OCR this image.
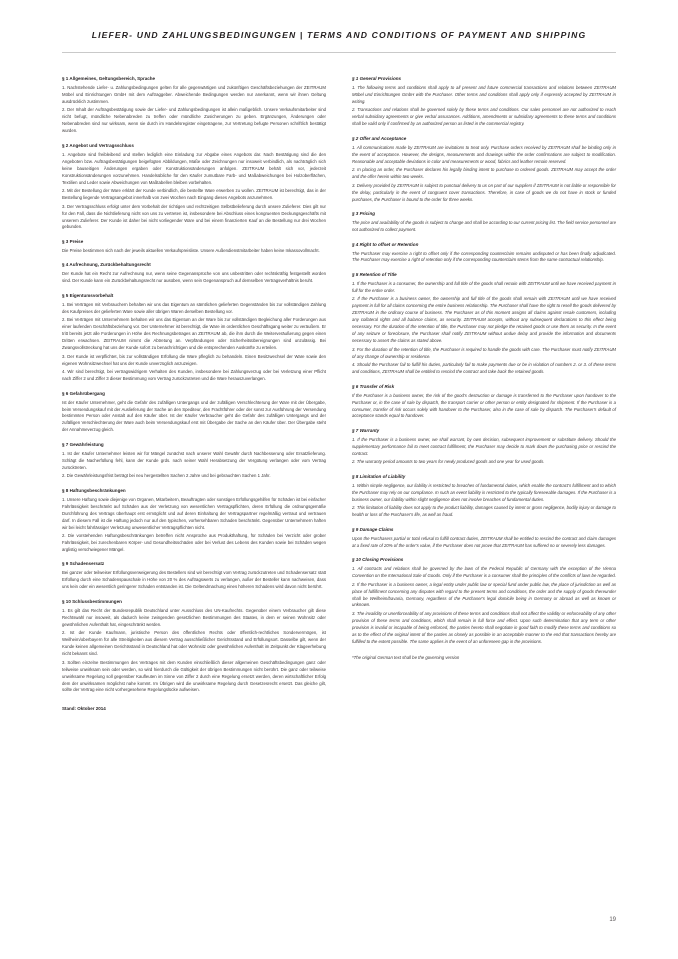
LIEFER- UND ZAHLUNGSBEDINGUNGEN | TERMS AND CONDITIONS OF PAYMENT AND SHIPPING
§ 1 Allgemeines, Geltungsbereich, Sprache

1. Nachstehende Liefer- u. Zahlungsbedingungen gelten für alle gegenwärtigen und zukünftigen Geschäftsbeziehungen der ZEITRAUM Möbel und Einrichtungen GmbH mit dem Auftraggeber. Abweichende Bedingungen werden nur anerkannt, wenn wir ihnen Geltung ausdrücklich zustimmen.

2. Der Inhalt der Auftragsbestätigung sowie der Liefer- und Zahlungsbedingungen ist allein maßgeblich. Unsere Verkaufsmitarbeiter sind nicht befugt, mündliche Nebenabreden zu treffen oder mündliche Zusicherungen zu geben. Ergänzungen, Änderungen oder Nebenabreden sind nur wirksam, wenn sie durch im Handelsregister eingetragene, zur Vertretung befugte Personen schriftlich bestätigt wurden.

§ 2 Angebot und Vertragsschluss

1. Angebote sind freibleibend und stellen lediglich eine Einladung zur Abgabe eines Angebots dar. Nach Bestätigung sind die den Angeboten bzw. Auftragsbestätigungen beigefügten Abbildungen, Maße oder Zeichnungen nur insoweit verbindlich, als nachträglich sich keine bauseitigen Änderungen ergaben oder Konstruktionsänderungen anfolgen. ZEITRAUM behält sich vor, jederzeit Konstruktionsänderungen vorzunehmen. Handelsübliche für den Käufer zumutbare Farb- und Maßabweichungen bei Holzoberflächen, Textilien und Leder sowie Abweichungen von Maßtabellen bleiben vorbehalten.

2. Mit der Bestellung der Ware erklärt der Kunde verbindlich, die bestellte Ware erwerben zu wollen. ZEITRAUM ist berechtigt, das in der Bestellung liegende Vertragsangebot innerhalb von zwei Wochen nach Eingang dieses Angebots anzunehmen.

3. Der Vertragsschluss erfolgt unter dem Vorbehalt der richtigen und rechtzeitigen Selbstbelieferung durch unsere Zulieferer. Dies gilt nur für den Fall, dass die Nichtlieferung nicht von uns zu vertreten ist, insbesondere bei Abschluss eines kongruenten Deckungsgeschäfts mit unserem Zulieferer. Der Kunde ist daher bei nicht vorliegender Ware und bei einem finanzierten Kauf an die Bestellung nur drei Wochen gebunden.

§ 3 Preise

Die Preise bestimmen sich nach der jeweils aktuellen Verkaufspreisliste. Unsere Außendienstmitarbeiter haben keine Inkassovollmacht.

§ 4 Aufrechnung, Zurückbehaltungsrecht

Der Kunde hat ein Recht zur Aufrechnung nur, wenn seine Gegenansprüche von uns unbestritten oder rechtskräftig festgestellt worden sind. Der Kunde kann ein Zurückbehaltungsrecht nur ausüben, wenn sein Gegenanspruch auf demselben Vertragsverhältnis beruht.

§ 5 Eigentumsvorbehalt

1. Bei Verträgen mit Verbrauchern behalten wir uns das Eigentum an sämtlichen gelieferten Gegenständen bis zur vollständigen Zahlung des Kaufpreises der gelieferten Ware sowie aller übrigen Waren derselben Bestellung vor.

2. Bei Verträgen mit Unternehmern behalten wir uns das Eigentum an der Ware bis zur vollständigen Begleichung aller Forderungen aus einer laufenden Geschäftsbeziehung vor. Der Unternehmer ist berechtigt, die Ware im ordentlichen Geschäftsgang weiter zu veräußern. Er tritt bereits jetzt alle Forderungen in Höhe des Rechnungsbetrages an ZEITRAUM ab, die ihm durch die Weiterveräußerung gegen einen Dritten erwachsen. ZEITRAUM nimmt die Abtretung an. Verpfändungen oder Sicherheitsübereignungen sind unzulässig. Bei Zwangsvollstreckung hat uns der Kunde sofort zu benachrichtigen und die entsprechenden Auskünfte zu erteilen.

3. Der Kunde ist verpflichtet, bis zur vollständigen Erfüllung die Ware pfleglich zu behandeln. Einen Besitzwechsel der Ware sowie den eigenen Wohnsitzwechsel hat uns der Kunde unverzüglich anzuzeigen.

4. Wir sind berechtigt, bei vertragswidrigem Verhalten des Kunden, insbesondere bei Zahlungsverzug oder bei Verletzung einer Pflicht nach Ziffer 2 und Ziffer 3 dieser Bestimmung vom Vertrag zurückzutreten und die Ware herauszuverlangen.

§ 6 Gefahrübergang

Ist der Käufer Unternehmer, geht die Gefahr des zufälligen Untergangs und der zufälligen Verschlechterung der Ware mit der Übergabe, beim Versendungskauf mit der Auslieferung der Sache an den Spediteur, den Frachtführer oder der sonst zur Ausführung der Versendung bestimmten Person oder Anstalt auf den Käufer über. Ist der Käufer Verbraucher geht die Gefahr des zufälligen Untergangs und der zufälligen Verschlechterung der Ware auch beim Versendungskauf erst mit Übergabe der Sache an den Käufer über. Der Übergabe steht der Annahmeverzug gleich.

§ 7 Gewährleistung

1. Ist der Käufer Unternehmer leisten wir für Mängel zunächst nach unserer Wahl Gewähr durch Nachbesserung oder Ersatzlieferung. Schlägt die Nacherfüllung fehl, kann der Kunde grds. nach seiner Wahl Herabsetzung der Vergütung verlangen oder vom Vertrag zurücktreten.

2. Die Gewährleistungsfrist beträgt bei neu hergestellten Sachen 2 Jahre und bei gebrauchten Sachen 1 Jahr.

§ 8 Haftungsbeschränkungen

1. Unsere Haftung sowie diejenige von Organen, Mitarbeitern, Beauftragten oder sonstigen Erfüllungsgehilfen für Schäden ist bei einfacher Fahrlässigkeit beschränkt auf Schäden aus der Verletzung von wesentlichen Vertragspflichten, deren Erfüllung die ordnungsgemäße Durchführung des Vertrags überhaupt erst ermöglicht und auf deren Einhaltung der Vertragspartner regelmäßig vertraut und vertrauen darf. In diesem Fall ist die Haftung jedoch nur auf den typischen, vorhersehbaren Schaden beschränkt. Gegenüber Unternehmern haften wir bei leicht fahrlässiger Verletzung unwesentlicher Vertragspflichten nicht.

2. Die vorstehenden Haftungsbeschränkungen betreffen nicht Ansprüche aus Produkthaftung, für Schäden bei Verzicht oder grober Fahrlässigkeit, bei zurechenbaren Körper- und Gesundheitsschäden oder bei Verlust des Lebens des Kunden sowie bei Schäden wegen arglistig verschwiegener Mängel.

§ 9 Schadensersatz

Bei ganzer oder teilweiser Erfüllungsverweigerung des Bestellers sind wir berechtigt vom Vertrag zurückzutreten und Schadensersatz statt Erfüllung durch eine Schadenspauschale in Höhe von 20 % des Auftragswerts zu verlangen, außer der Besteller kann nachweisen, dass uns kein oder ein wesentlich geringerer Schaden entstanden ist. Die Geltendmachung eines höheren Schadens wird davon nicht berührt.

§ 10 Schlussbestimmungen

1. Es gilt das Recht der Bundesrepublik Deutschland unter Ausschluss des UN-Kaufrechts. Gegenüber einem Verbraucher gilt diese Rechtswahl nur insoweit, als dadurch keine zwingenden gesetzlichen Bestimmungen des Staates, in dem er seinen Wohnsitz oder gewöhnlichen Aufenthalt hat, eingeschränkt werden.

2. Ist der Kunde Kaufmann, juristische Person des öffentlichen Rechts oder öffentlich-rechtliches Sondervermögen, ist Weilheim/oberbayern für alle Streitigkeiten aus diesem Vertrag ausschließlicher Gerichtsstand und Erfüllungsort. Dasselbe gilt, wenn der Kunde keinen allgemeinen Gerichtsstand in Deutschland hat oder Wohnsitz oder gewöhnlichen Aufenthalt im Zeitpunkt der Klageerhebung nicht bekannt sind.

3. Sollten einzelne Bestimmungen des Vertrages mit dem Kunden einschließlich dieser allgemeinen Geschäftsbedingungen ganz oder teilweise unwirksam sein oder werden, so wird hierdurch die Gültigkeit der übrigen Bestimmungen nicht berührt. Die ganz oder teilweise unwirksame Regelung soll gegenüber Kaufleuten im Sinne von Ziffer 2 durch eine Regelung ersetzt werden, deren wirtschaftlicher Erfolg dem der unwirksamen möglichst nahe kommt. Im Übrigen wird die unwirksame Regelung durch Gesetzesrecht ersetzt. Das gleiche gilt, sollte der Vertrag eine nicht vorhergesehene Regelungslücke aufweisen.

Stand: Oktober 2014
§ 1 General Provisions

1. The following terms and conditions shall apply to all present and future commercial transactions and relations between ZEITRAUM Möbel und Einrichtungen GmbH with the Purchaser. Other terms and conditions shall apply only if expressly accepted by ZEITRAUM in writing.

2. Transactions and relations shall be governed solely by these terms and conditions. Our sales personnel are not authorized to reach verbal subsidiary agreements or give verbal assurances. Additions, amendments or subsidiary agreements to these terms and conditions shall be valid only if confirmed by an authorized person as listed in the commercial registry.

§ 2 Offer and Acceptance

1. All communications made by ZEITRAUM are invitations to treat only. Purchase orders received by ZEITRAUM shall be binding only in the event of acceptance. However, the designs, measurements and drawings within the order confirmations are subject to modification. Reasonable and acceptable deviations in color and measurements or wood, fabrics and leather remain reserved.

2. In placing an order, the Purchaser declares his legally binding intent to purchase to ordered goods. ZEITRAUM may accept the order and the offer herein within two weeks.

3. Delivery provided by ZEITRAUM is subject to punctual delivery to us on part of our suppliers if ZEITRAUM is not liable or responsible for the delay, particularly in the event of congruent cover transactions. Therefore, in case of goods we do not have in stock or funded purchases, the Purchaser is bound to the order for three weeks.

§ 3 Pricing

The price and availability of the goods is subject to change and shall be according to our current pricing list. The field service personnel are not authorized to collect payment.

§ 4 Right to offset or Retention

The Purchaser may exercise a right to offset only if the corresponding counterclaim remains undisputed or has been finally adjudicated. The Purchaser may exercise a right of retention only if the corresponding counterclaim stems from the same contractual relationship.

§ 5 Retention of Title

1. If the Purchaser is a consumer, the ownership and full title of the goods shall remain with ZEITRAUM until we have received payment in full for the entire order.

2. If the Purchaser is a business owner, the ownership and full title of the goods shall remain with ZEITRAUM until we have received payment in full for all claims concerning the entire business relationship. The Purchaser shall have the right to resell the goods delivered by ZEITRAUM in the ordinary course of business. The Purchaser as of this moment assigns all claims against resale customers, including any collateral rights and all balance claims, as security. ZEITRAUM accepts, without any subsequent declarations to this effect being necessary. For the duration of the retention of title, the Purchaser may not pledge the retained goods or use them as security. In the event of any seizure or foreclosure, the Purchaser shall notify ZEITRAUM without undue delay and provide the information and documents necessary to assert the claims as stated above.

3. For the duration of the retention of title, the Purchaser is required to handle the goods with care. The Purchaser must notify ZEITRAUM of any change of ownership or residence.

4. Should the Purchaser fail to fulfill his duties, particularly fail to make payments due or be in violation of numbers 2. or 3. of these terms and conditions, ZEITRAUM shall be entitled to rescind the contract and take back the retained goods.

§ 6 Transfer of Risk

If the Purchaser is a business owner, the risk of the good's destruction or damage is transferred to the Purchaser upon handover to the Purchaser or, in the case of sale by dispatch, the transport carrier or other person or entity designated for shipment. If the Purchaser is a consumer, transfer of risk occurs solely with handover to the Purchaser, also in the case of sale by dispatch. The Purchaser's default of acceptance stands equal to handover.

§ 7 Warranty

1. If the Purchaser is a business owner, we shall warrant, by own decision, subsequent improvement or substitute delivery. Should the supplementary performance fail to meet contract fulfillment, the Purchaser may decide to mark down the purchasing price or rescind the contract.

2. The warranty period amounts to two years for newly produced goods and one year for used goods.

§ 8 Limitation of Liability

1. Within simple negligence, our liability is restricted to breaches of fundamental duties, which enable the contract's fulfillment and to which the Purchaser may rely on our compliance. In such an event liability is restricted to the typically foreseeable damages. If the Purchaser is a business owner, our liability within slight negligence does not involve breaches of fundamental duties.

2. This limitation of liability does not apply to the product liability, damages caused by intent or gross negligence, bodily injury or damage to health or loss of the Purchaser's life, as well as fraud.

§ 9 Damage Claims

Upon the Purchasers partial or total refusal to fulfill contract duties, ZEITRAUM shall be entitled to rescind the contract and claim damages at a fixed rate of 20% of the order's value, if the Purchaser does not prove that ZEITRAUM has suffered no or severely less damages.

§ 10 Closing Provisions

1. All contracts and relations shall be governed by the laws of the Federal Republic of Germany with the exception of the Vienna Convention on the International Sale of Goods. Only if the Purchaser is a consumer shall the principles of the conflicts of laws be regarded.

2. If the Purchaser is a business owner, a legal entity under public law or special fund under public law, the place of jurisdiction as well as place of fulfillment concerning any disputes with regard to the present terms and conditions, the order and the supply of goods thereunder shall be Weilheim/bavaria, Germany, regardless of the Purchaser's legal domicile being in Germany or abroad as well as known or unknown.

3. The invalidity or unenforceability of any provisions of these terms and conditions shall not affect the validity or enforceability of any other provision of these terms and conditions, which shall remain in full force and effect. Upon such determination that any term or other provision is invalid or incapable of being enforced, the parties hereto shall negotiate in good faith to modify these terms and conditions so as to the effect of the original intent of the parties as closely as possible in an acceptable manner to the end that transactions hereby are fulfilled to the extent possible. The same applies in the event of an unforeseen gap in the provisions.

*The original German text shall be the governing version
19
